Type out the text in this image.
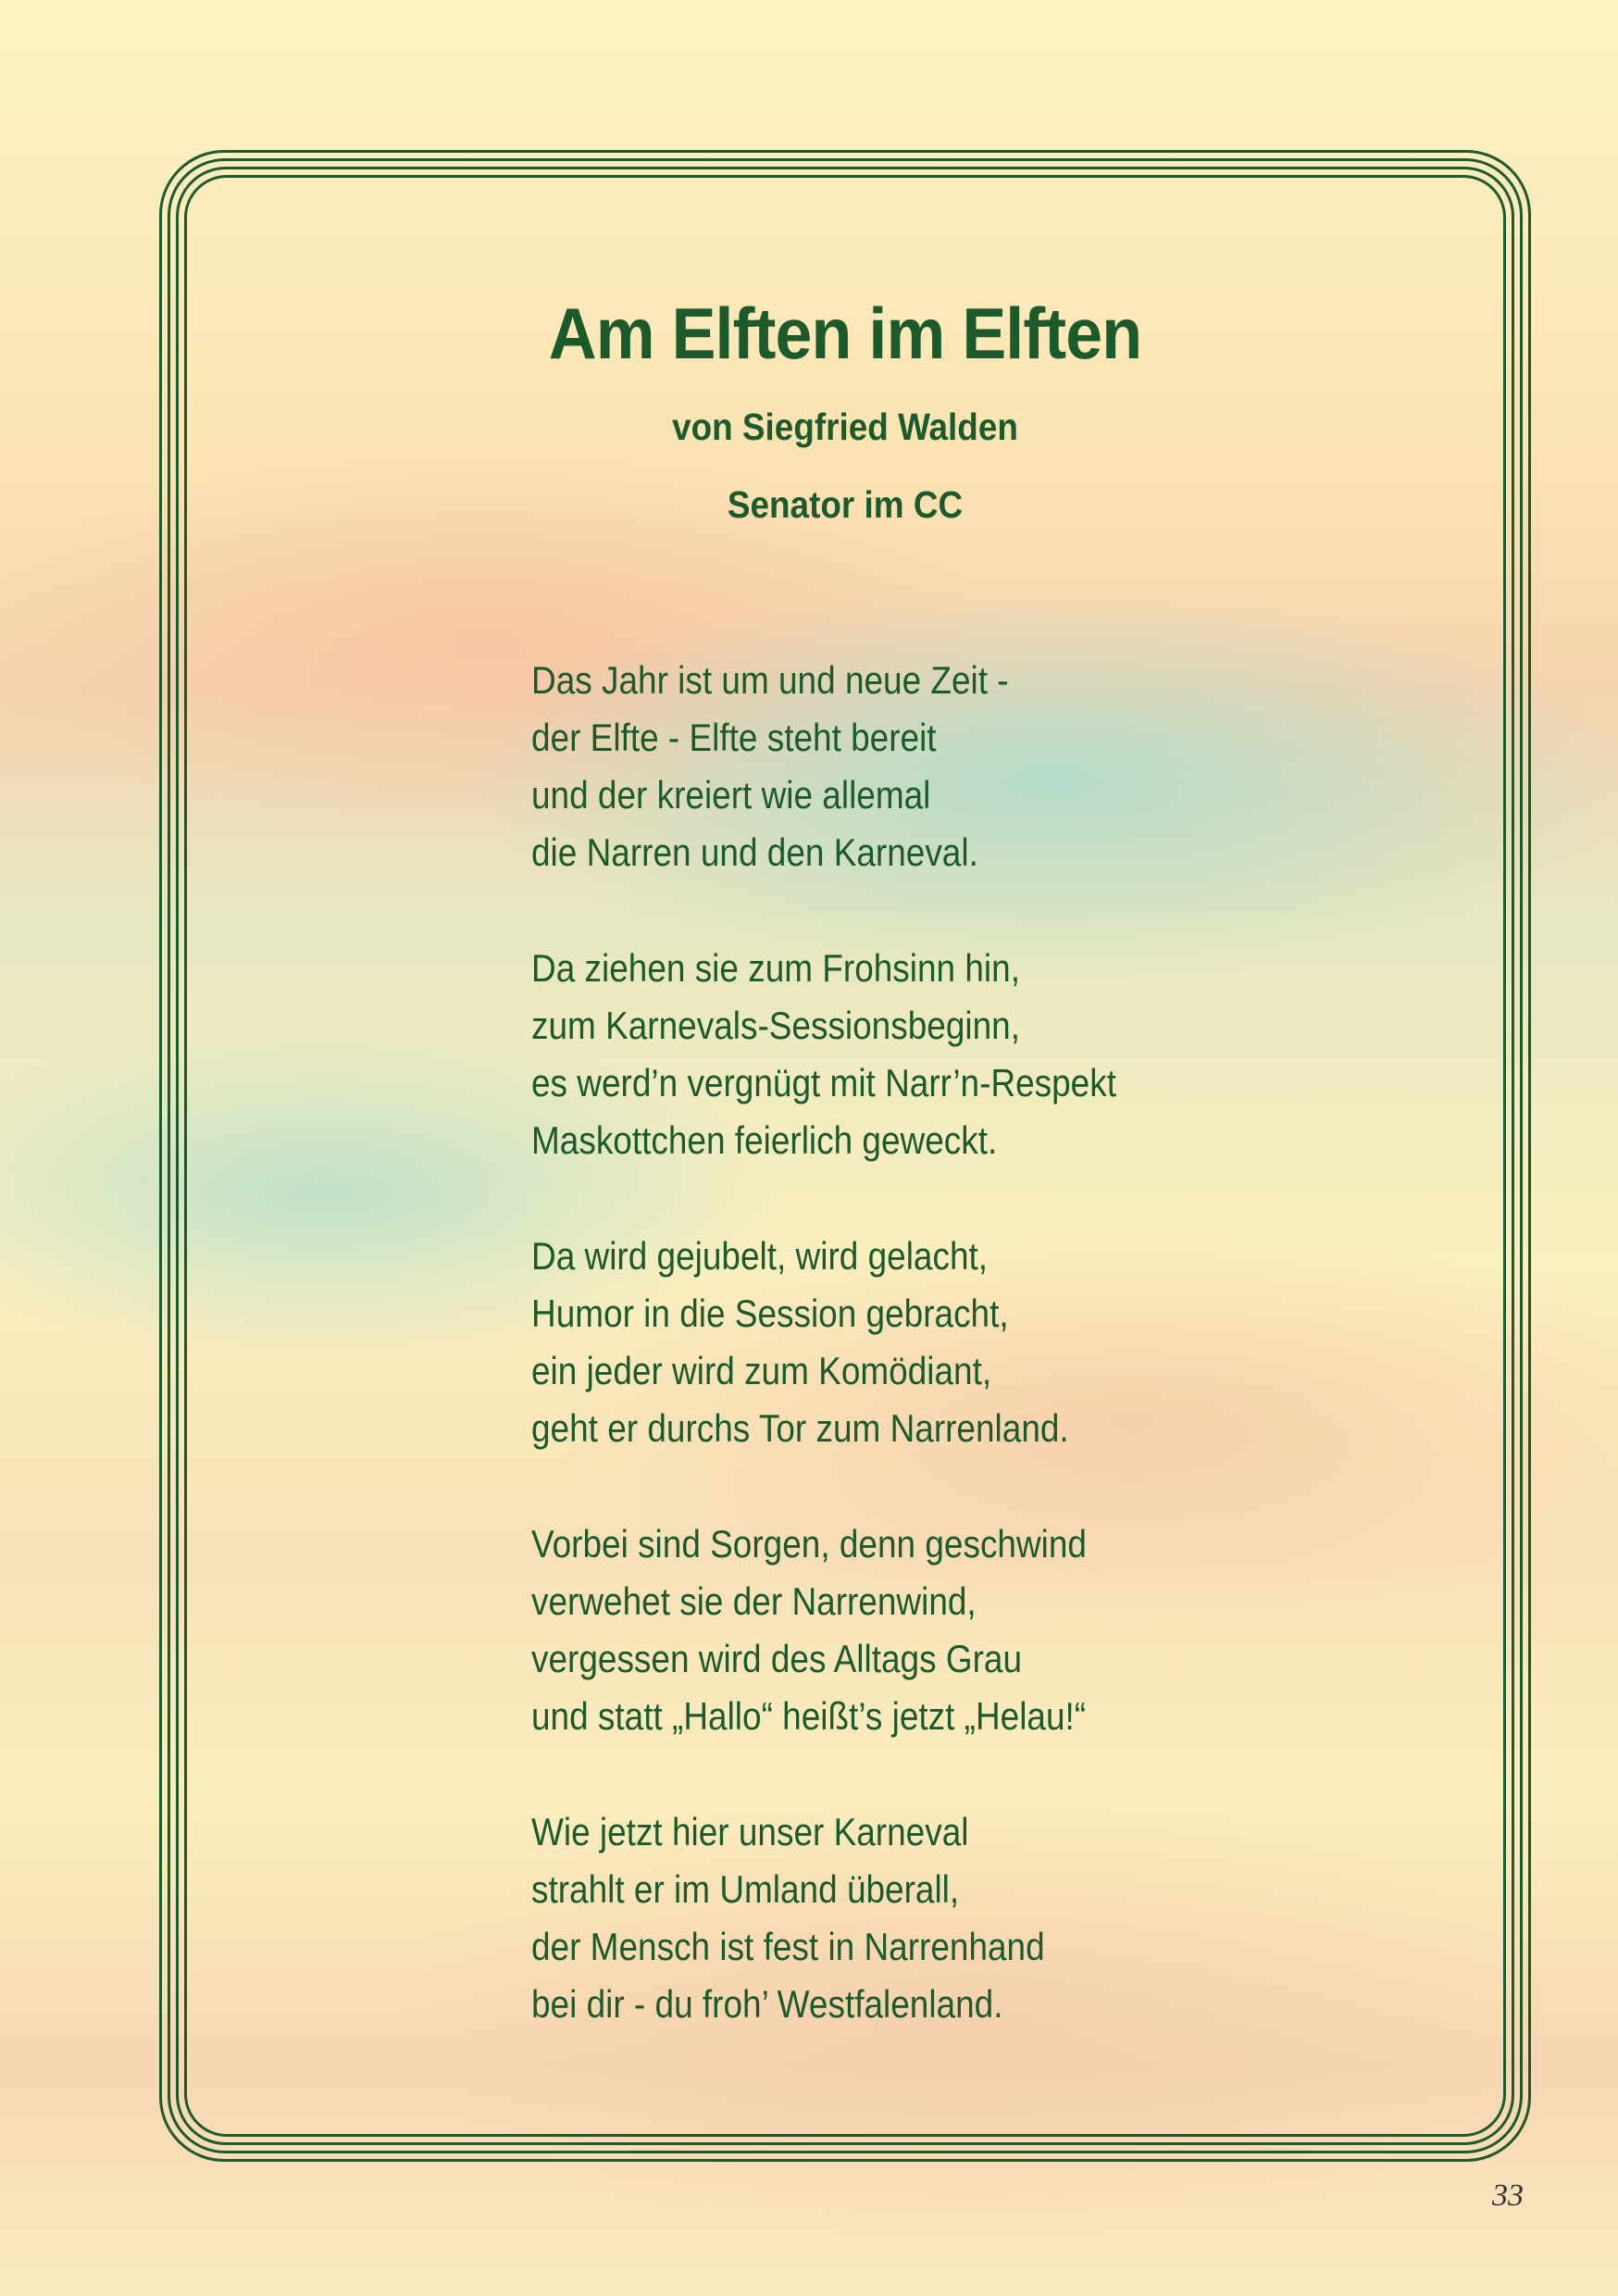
Am Elften im Elften
von Siegfried Walden
Senator im CC
Das Jahr ist um und neue Zeit -
der Elfte - Elfte steht bereit
und der kreiert wie allemal
die Narren und den Karneval.
Da ziehen sie zum Frohsinn hin,
zum Karnevals-Sessionsbeginn,
es werd’n vergnügt mit Narr’n-Respekt
Maskottchen feierlich geweckt.
Da wird gejubelt, wird gelacht,
Humor in die Session gebracht,
ein jeder wird zum Komödiant,
geht er durchs Tor zum Narrenland.
Vorbei sind Sorgen, denn geschwind
verwehet sie der Narrenwind,
vergessen wird des Alltags Grau
und statt „Hallo“ heißt’s jetzt „Helau!“
Wie jetzt hier unser Karneval
strahlt er im Umland überall,
der Mensch ist fest in Narrenhand
bei dir - du froh’ Westfalenland.
33
